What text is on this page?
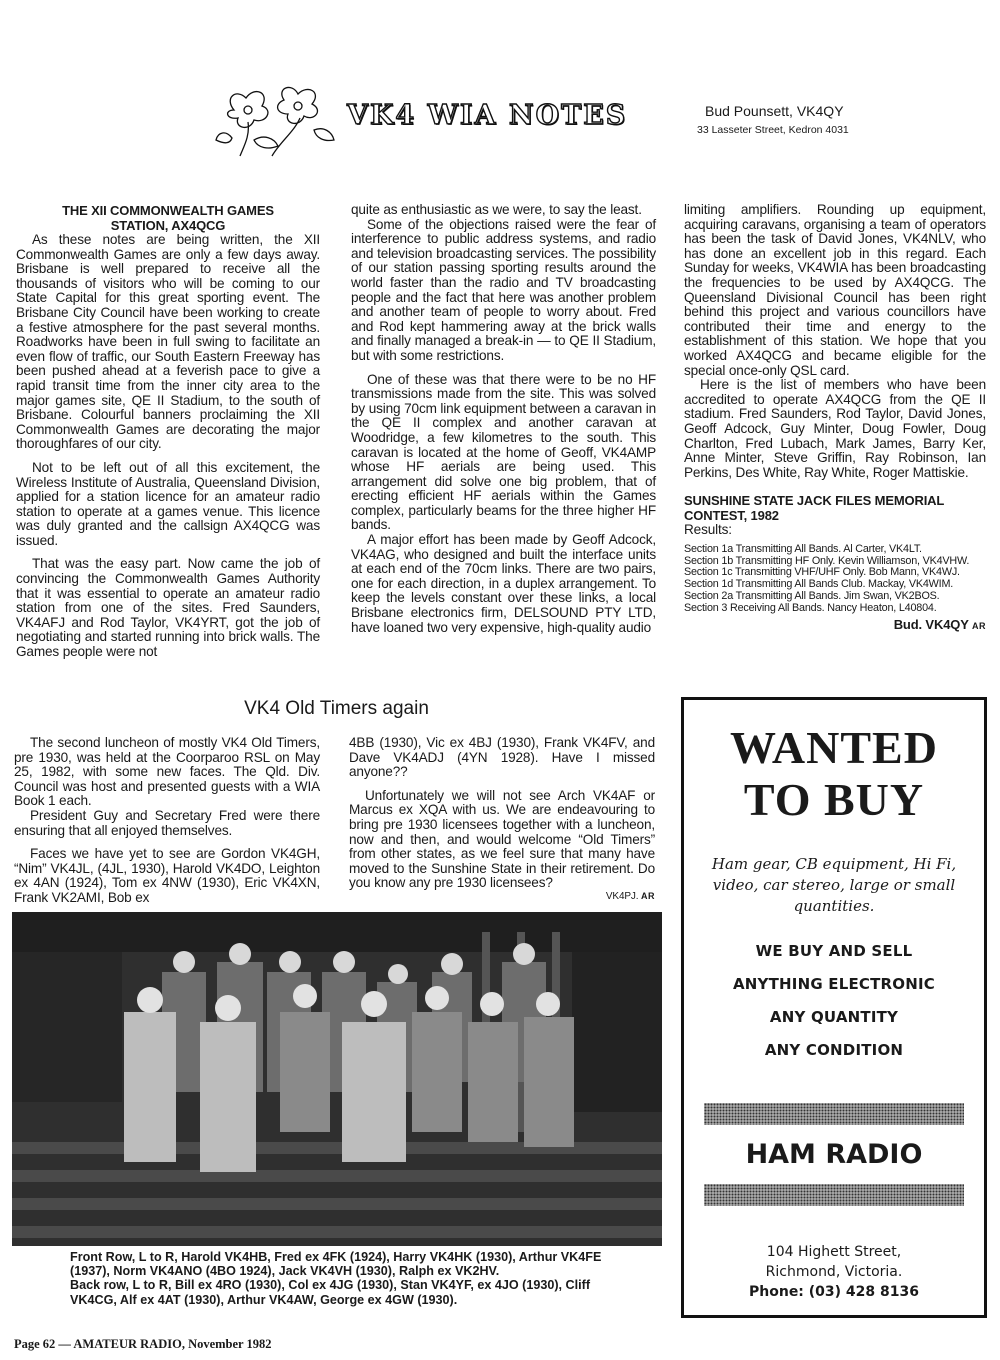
VK4 WIA NOTES	Bud Pounsett, VK4QY
33 Lasseter Street, Kedron 4031
THE XII COMMONWEALTH GAMES STATION, AX4QCG

As these notes are being written, the XII Commonwealth Games are only a few days away. Brisbane is well prepared to receive all the thousands of visitors who will be coming to our State Capital for this great sporting event. The Brisbane City Council have been working to create a festive atmosphere for the past several months. Roadworks have been in full swing to facilitate an even flow of traffic, our South Eastern Freeway has been pushed ahead at a feverish pace to give a rapid transit time from the inner city area to the major games site, QE II Stadium, to the south of Brisbane. Colourful banners proclaiming the XII Commonwealth Games are decorating the major thoroughfares of our city.

Not to be left out of all this excitement, the Wireless Institute of Australia, Queensland Division, applied for a station licence for an amateur radio station to operate at a games venue. This licence was duly granted and the callsign AX4QCG was issued.

That was the easy part. Now came the job of convincing the Commonwealth Games Authority that it was essential to operate an amateur radio station from one of the sites. Fred Saunders, VK4AFJ and Rod Taylor, VK4YRT, got the job of negotiating and started running into brick walls. The Games people were not

quite as enthusiastic as we were, to say the least.

Some of the objections raised were the fear of interference to public address systems, and radio and television broadcasting services. The possibility of our station passing sporting results around the world faster than the radio and TV broadcasting people and the fact that here was another problem and another team of people to worry about. Fred and Rod kept hammering away at the brick walls and finally managed a break-in — to QE II Stadium, but with some restrictions.

One of these was that there were to be no HF transmissions made from the site. This was solved by using 70cm link equipment between a caravan in the QE II complex and another caravan at Woodridge, a few kilometres to the south. This caravan is located at the home of Geoff, VK4AMP whose HF aerials are being used. This arrangement did solve one big problem, that of erecting efficient HF aerials within the Games complex, particularly beams for the three higher HF bands.

A major effort has been made by Geoff Adcock, VK4AG, who designed and built the interface units at each end of the 70cm links. There are two pairs, one for each direction, in a duplex arrangement. To keep the levels constant over these links, a local Brisbane electronics firm, DELSOUND PTY LTD, have loaned two very expensive, high-quality audio

limiting amplifiers. Rounding up equipment, acquiring caravans, organising a team of operators has been the task of David Jones, VK4NLV, who has done an excellent job in this regard. Each Sunday for weeks, VK4WIA has been broadcasting the frequencies to be used by AX4QCG. The Queensland Divisional Council has been right behind this project and various councillors have contributed their time and energy to the establishment of this station. We hope that you worked AX4QCG and became eligible for the special once-only QSL card.

Here is the list of members who have been accredited to operate AX4QCG from the QE II stadium. Fred Saunders, Rod Taylor, David Jones, Geoff Adcock, Guy Minter, Doug Fowler, Doug Charlton, Fred Lubach, Mark James, Barry Ker, Anne Minter, Steve Griffin, Ray Robinson, Ian Perkins, Des White, Ray White, Roger Mattiskie.

SUNSHINE STATE JACK FILES MEMORIAL CONTEST, 1982
Results:
Section 1a Transmitting All Bands. Al Carter, VK4LT.
Section 1b Transmitting HF Only. Kevin Williamson, VK4VHW.
Section 1c Transmitting VHF/UHF Only. Bob Mann, VK4WJ.
Section 1d Transmitting All Bands Club. Mackay, VK4WIM.
Section 2a Transmitting All Bands. Jim Swan, VK2BOS.
Section 3 Receiving All Bands. Nancy Heaton, L40804.
Bud. VK4QY AR
VK4 Old Timers again

The second luncheon of mostly VK4 Old Timers, pre 1930, was held at the Coorparoo RSL on May 25, 1982, with some new faces. The Qld. Div. Council was host and presented guests with a WIA Book 1 each.

President Guy and Secretary Fred were there ensuring that all enjoyed themselves.

Faces we have yet to see are Gordon VK4GH, “Nim” VK4JL, (4JL, 1930), Harold VK4DO, Leighton ex 4AN (1924), Tom ex 4NW (1930), Eric VK4XN, Frank VK2AMI, Bob ex

4BB (1930), Vic ex 4BJ (1930), Frank VK4FV, and Dave VK4ADJ (4YN 1928). Have I missed anyone??

Unfortunately we will not see Arch VK4AF or Marcus ex XQA with us. We are endeavouring to bring pre 1930 licensees together with a luncheon, now and then, and would welcome “Old Timers” from other states, as we feel sure that many have moved to the Sunshine State in their retirement. Do you know any pre 1930 licensees?

VK4PJ. AR

Front Row, L to R, Harold VK4HB, Fred ex 4FK (1924), Harry VK4HK (1930), Arthur VK4FE (1937), Norm VK4ANO (4BO 1924), Jack VK4VH (1930), Ralph ex VK2HV.

Back row, L to R, Bill ex 4RO (1930), Col ex 4JG (1930), Stan VK4YF, ex 4JO (1930), Cliff VK4CG, Alf ex 4AT (1930), Arthur VK4AW, George ex 4GW (1930).

WANTED
TO BUY
Ham gear, CB equipment, Hi Fi, video, car stereo, large or small quantities.
WE BUY AND SELL
ANYTHING ELECTRONIC
ANY QUANTITY
ANY CONDITION
HAM RADIO
104 Highett Street,
Richmond, Victoria.
Phone: (03) 428 8136
Page 62 — AMATEUR RADIO, November 1982
